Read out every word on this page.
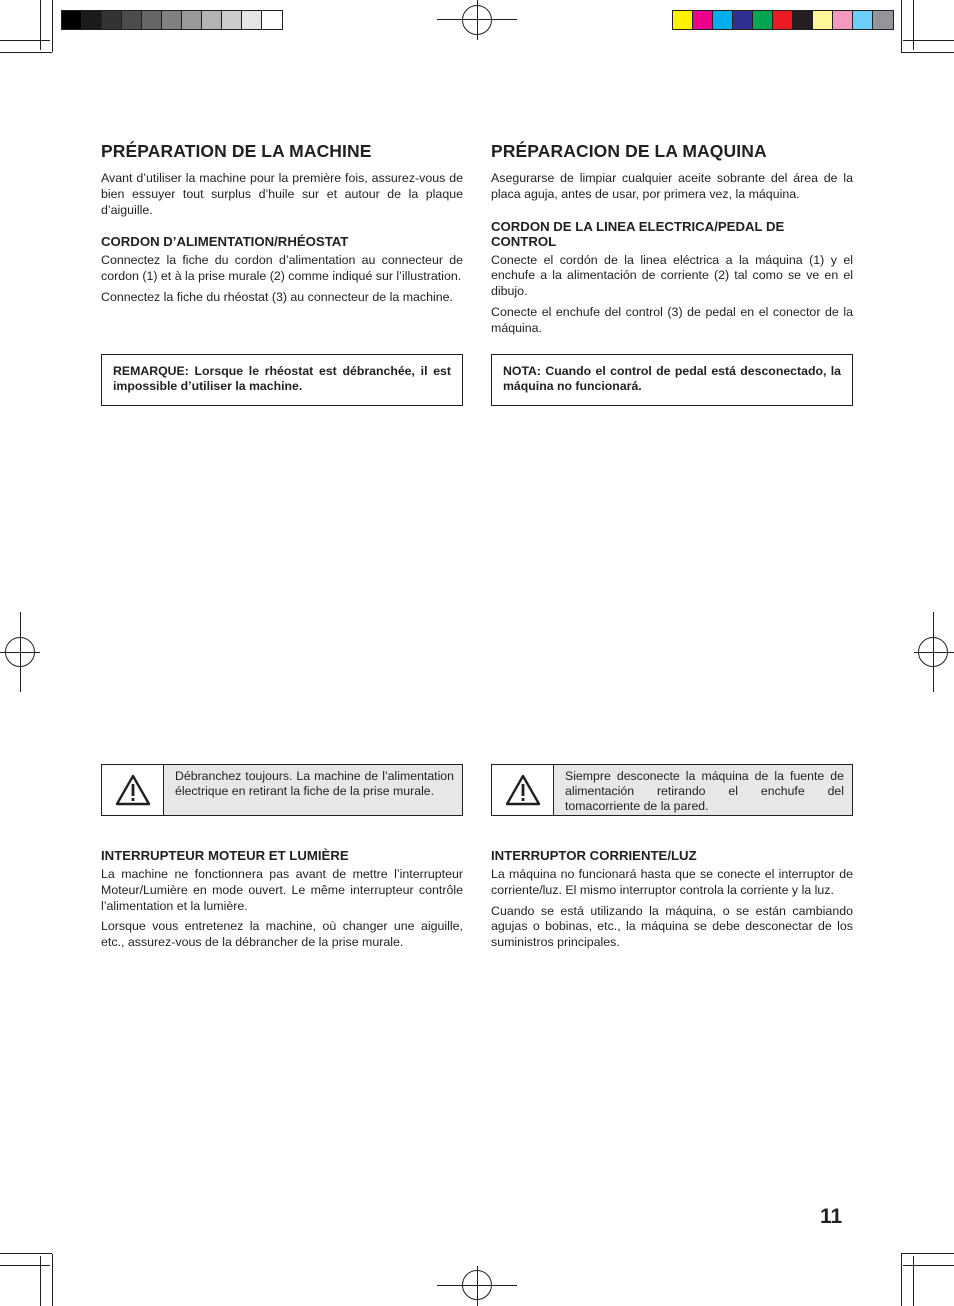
PRÉPARATION DE LA MACHINE

Avant d’utiliser la machine pour la première fois, assurez-vous de bien essuyer tout surplus d’huile sur et autour de la plaque d’aiguille.

CORDON D’ALIMENTATION/RHÉOSTAT

Connectez la fiche du cordon d’alimentation au connecteur de cordon (1) et à la prise murale (2) comme indiqué sur l’illustration.

Connectez la fiche du rhéostat (3) au connecteur de la machine.

REMARQUE: Lorsque le rhéostat est débranchée, il est impossible d’utiliser la machine.
Débranchez toujours. La machine de l’alimentation électrique en retirant la fiche de la prise murale.
INTERRUPTEUR MOTEUR ET LUMIÈRE

La machine ne fonctionnera pas avant de mettre l’interrupteur Moteur/Lumière en mode ouvert. Le même interrupteur contrôle l’alimentation et la lumière.

Lorsque vous entretenez la machine, où changer une aiguille, etc., assurez-vous de la débrancher de la prise murale.

PRÉPARACION DE LA MAQUINA

Asegurarse de limpiar cualquier aceite sobrante del área de la placa aguja, antes de usar, por primera vez, la máquina.

CORDON DE LA LINEA ELECTRICA/PEDAL DE CONTROL

Conecte el cordón de la linea eléctrica a la máquina (1) y el enchufe a la alimentación de corriente (2) tal como se ve en el dibujo.

Conecte el enchufe del control (3) de pedal en el conector de la máquina.

NOTA: Cuando el control de pedal está desconectado, la máquina no funcionará.
Siempre desconecte la máquina de la fuente de alimentación retirando el enchufe del tomacorriente de la pared.
INTERRUPTOR CORRIENTE/LUZ

La máquina no funcionará hasta que se conecte el interruptor de corriente/luz. El mismo interruptor controla la corriente y la luz.

Cuando se está utilizando la máquina, o se están cambiando agujas o bobinas, etc., la máquina se debe desconectar de los suministros principales.

11
